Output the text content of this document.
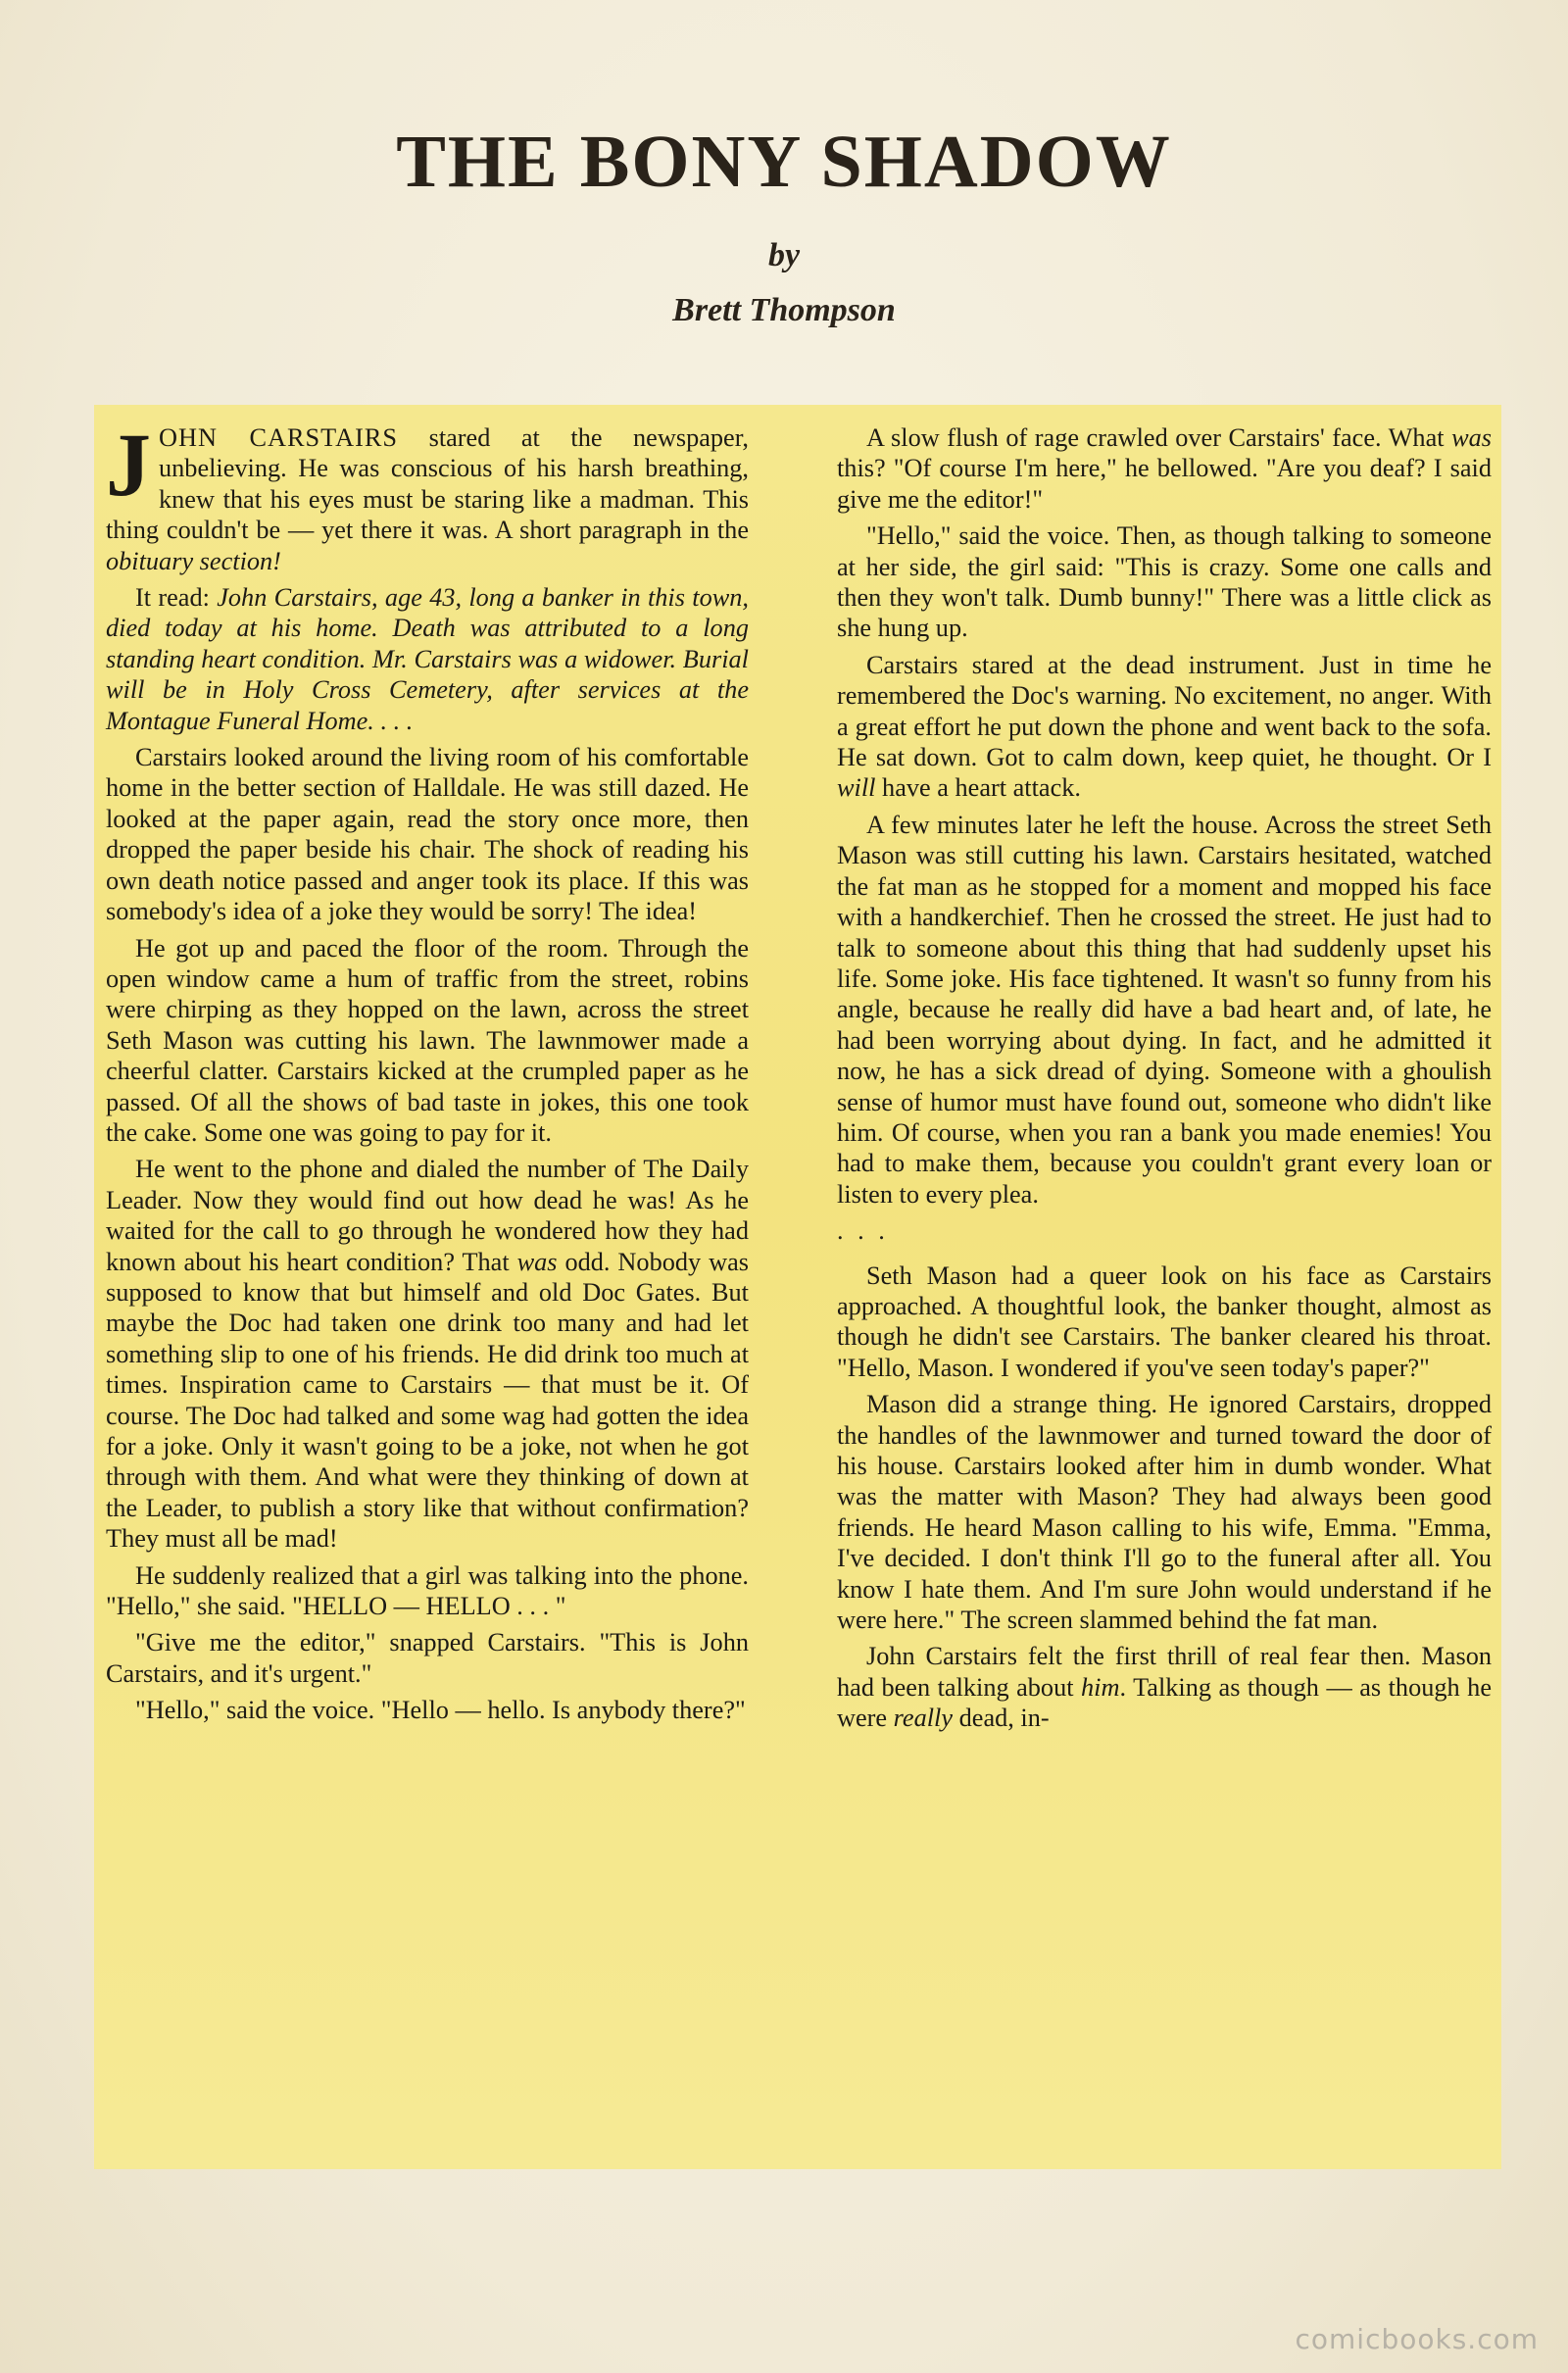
THE BONY SHADOW
by
Brett Thompson

JOHN CARSTAIRS stared at the newspaper, unbelieving. He was conscious of his harsh breathing, knew that his eyes must be staring like a madman. This thing couldn't be — yet there it was. A short paragraph in the obituary section!

It read: John Carstairs, age 43, long a banker in this town, died today at his home. Death was attributed to a long standing heart condition. Mr. Carstairs was a widower. Burial will be in Holy Cross Cemetery, after services at the Montague Funeral Home. . . .

Carstairs looked around the living room of his comfortable home in the better section of Halldale. He was still dazed. He looked at the paper again, read the story once more, then dropped the paper beside his chair. The shock of reading his own death notice passed and anger took its place. If this was somebody's idea of a joke they would be sorry! The idea!

He got up and paced the floor of the room. Through the open window came a hum of traffic from the street, robins were chirping as they hopped on the lawn, across the street Seth Mason was cutting his lawn. The lawnmower made a cheerful clatter. Carstairs kicked at the crumpled paper as he passed. Of all the shows of bad taste in jokes, this one took the cake. Some one was going to pay for it.

He went to the phone and dialed the number of The Daily Leader. Now they would find out how dead he was! As he waited for the call to go through he wondered how they had known about his heart condition? That was odd. Nobody was supposed to know that but himself and old Doc Gates. But maybe the Doc had taken one drink too many and had let something slip to one of his friends. He did drink too much at times. Inspiration came to Carstairs — that must be it. Of course. The Doc had talked and some wag had gotten the idea for a joke. Only it wasn't going to be a joke, not when he got through with them. And what were they thinking of down at the Leader, to publish a story like that without confirmation? They must all be mad!

He suddenly realized that a girl was talking into the phone. "Hello," she said. "HELLO — HELLO . . . "

"Give me the editor," snapped Carstairs. "This is John Carstairs, and it's urgent."

"Hello," said the voice. "Hello — hello. Is anybody there?"

A slow flush of rage crawled over Carstairs' face. What was this? "Of course I'm here," he bellowed. "Are you deaf? I said give me the editor!"

"Hello," said the voice. Then, as though talking to someone at her side, the girl said: "This is crazy. Some one calls and then they won't talk. Dumb bunny!" There was a little click as she hung up.

Carstairs stared at the dead instrument. Just in time he remembered the Doc's warning. No excitement, no anger. With a great effort he put down the phone and went back to the sofa. He sat down. Got to calm down, keep quiet, he thought. Or I will have a heart attack.

A few minutes later he left the house. Across the street Seth Mason was still cutting his lawn. Carstairs hesitated, watched the fat man as he stopped for a moment and mopped his face with a handkerchief. Then he crossed the street. He just had to talk to someone about this thing that had suddenly upset his life. Some joke. His face tightened. It wasn't so funny from his angle, because he really did have a bad heart and, of late, he had been worrying about dying. In fact, and he admitted it now, he has a sick dread of dying. Someone with a ghoulish sense of humor must have found out, someone who didn't like him. Of course, when you ran a bank you made enemies! You had to make them, because you couldn't grant every loan or listen to every plea.

. . .

Seth Mason had a queer look on his face as Carstairs approached. A thoughtful look, the banker thought, almost as though he didn't see Carstairs. The banker cleared his throat. "Hello, Mason. I wondered if you've seen today's paper?"

Mason did a strange thing. He ignored Carstairs, dropped the handles of the lawnmower and turned toward the door of his house. Carstairs looked after him in dumb wonder. What was the matter with Mason? They had always been good friends. He heard Mason calling to his wife, Emma. "Emma, I've decided. I don't think I'll go to the funeral after all. You know I hate them. And I'm sure John would understand if he were here." The screen slammed behind the fat man.

John Carstairs felt the first thrill of real fear then. Mason had been talking about him. Talking as though — as though he were really dead, in-

comicbooks.com
